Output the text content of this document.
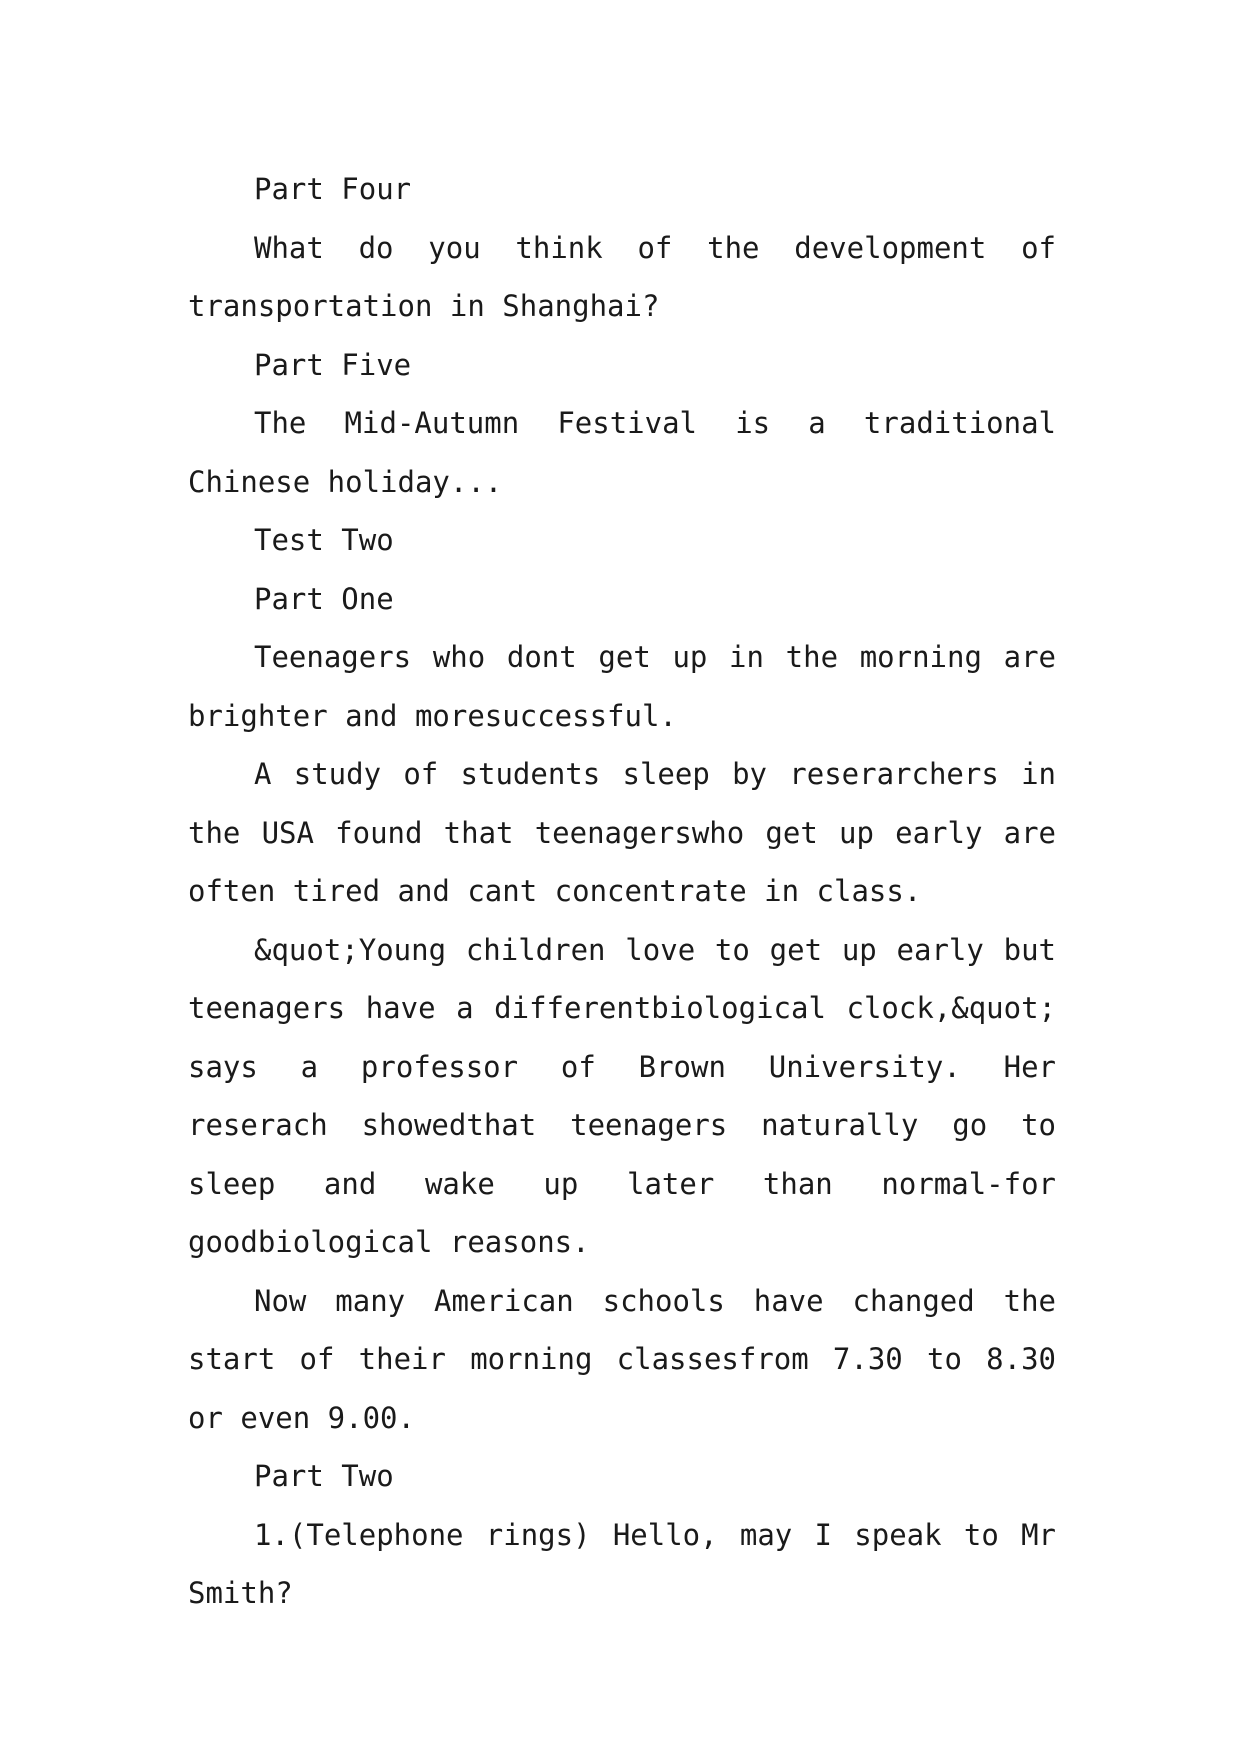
Part Four

What do you think of the development of transportation in Shanghai?

Part Five

The Mid-Autumn Festival is a traditional Chinese holiday...

Test Two
Part One

Teenagers who dont get up in the morning are brighter and moresuccessful.

A study of students sleep by reserarchers in the USA found that teenagerswho get up early are often tired and cant concentrate in class.

&quot;Young children love to get up early but teenagers have a differentbiological clock,&quot; says a professor of Brown University. Her reserach showedthat teenagers naturally go to sleep and wake up later than normal-for goodbiological reasons.

Now many American schools have changed the start of their morning classesfrom 7.30 to 8.30 or even 9.00.

Part Two

1.(Telephone rings) Hello, may I speak to Mr Smith?
